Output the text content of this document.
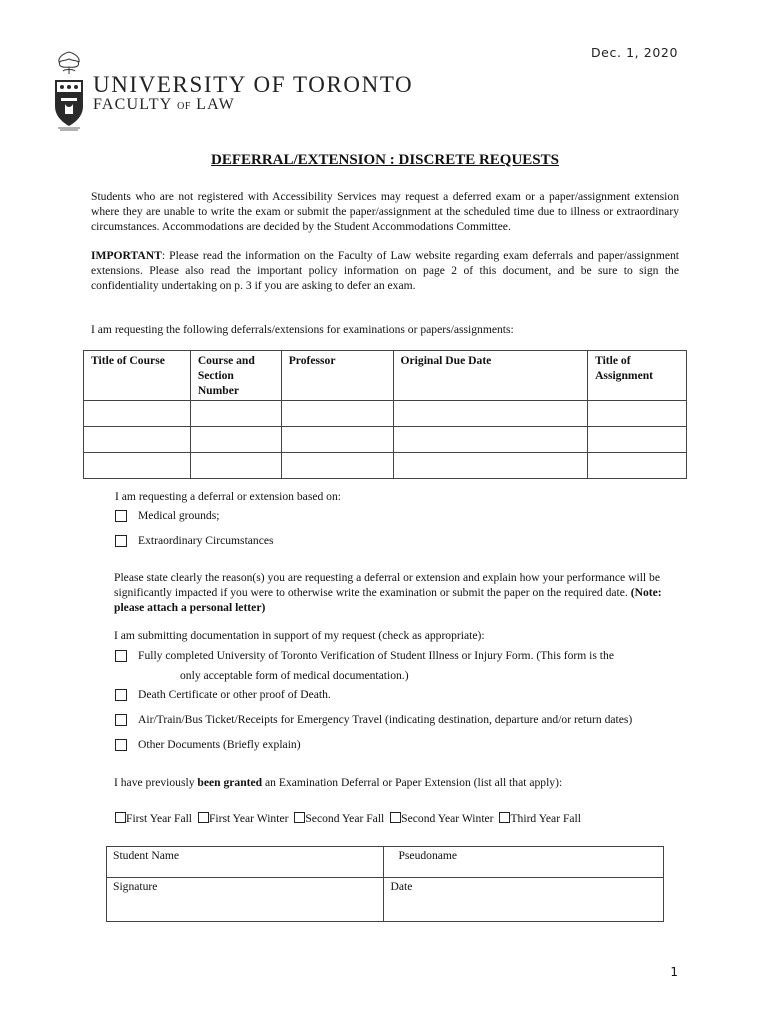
Dec. 1, 2020
UNIVERSITY OF TORONTO
FACULTY OF LAW
DEFERRAL/EXTENSION : DISCRETE REQUESTS
Students who are not registered with Accessibility Services may request a deferred exam or a paper/assignment extension where they are unable to write the exam or submit the paper/assignment at the scheduled time due to illness or extraordinary circumstances. Accommodations are decided by the Student Accommodations Committee.
IMPORTANT: Please read the information on the Faculty of Law website regarding exam deferrals and paper/assignment extensions. Please also read the important policy information on page 2 of this document, and be sure to sign the confidentiality undertaking on p. 3 if you are asking to defer an exam.
I am requesting the following deferrals/extensions for examinations or papers/assignments:
Title of Course	Course and Section Number	Professor	Original Due Date	Title of Assignment

I am requesting a deferral or extension based on:
Medical grounds;
Extraordinary Circumstances
Please state clearly the reason(s) you are requesting a deferral or extension and explain how your performance will be significantly impacted if you were to otherwise write the examination or submit the paper on the required date. (Note: please attach a personal letter)
I am submitting documentation in support of my request (check as appropriate):
Fully completed University of Toronto Verification of Student Illness or Injury Form. (This form is the
only acceptable form of medical documentation.)
Death Certificate or other proof of Death.
Air/Train/Bus Ticket/Receipts for Emergency Travel (indicating destination, departure and/or return dates)
Other Documents (Briefly explain)
I have previously been granted an Examination Deferral or Paper Extension (list all that apply):
First Year Fall First Year Winter Second Year Fall Second Year Winter Third Year Fall
Student Name	Pseudoname
Signature	Date
1
